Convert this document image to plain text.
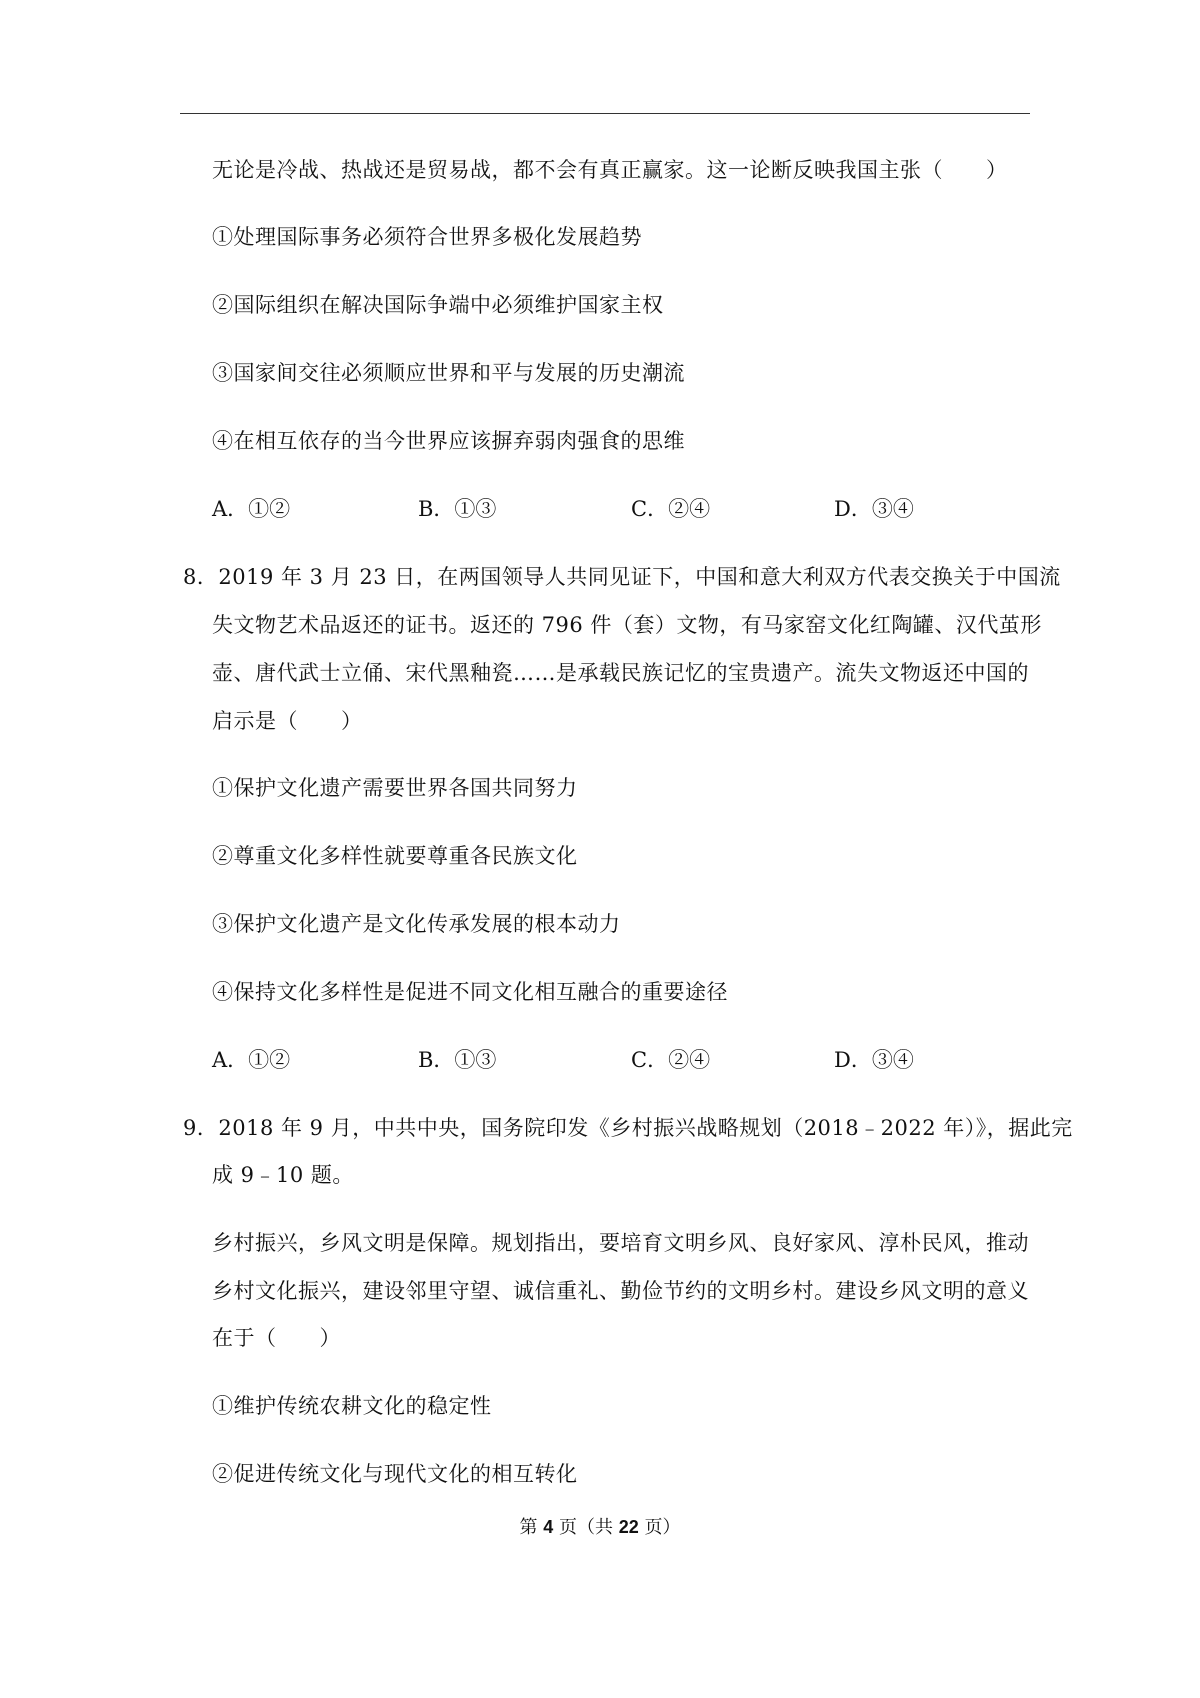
无论是冷战、热战还是贸易战，都不会有真正赢家。这一论断反映我国主张（　　）
①处理国际事务必须符合世界多极化发展趋势
②国际组织在解决国际争端中必须维护国家主权
③国家间交往必须顺应世界和平与发展的历史潮流
④在相互依存的当今世界应该摒弃弱肉强食的思维
A．①②	B．①③	C．②④	D．③④
8．2019 年 3 月 23 日，在两国领导人共同见证下，中国和意大利双方代表交换关于中国流
失文物艺术品返还的证书。返还的 796 件（套）文物，有马家窑文化红陶罐、汉代茧形
壶、唐代武士立俑、宋代黑釉瓷……是承载民族记忆的宝贵遗产。流失文物返还中国的
启示是（　　）
①保护文化遗产需要世界各国共同努力
②尊重文化多样性就要尊重各民族文化
③保护文化遗产是文化传承发展的根本动力
④保持文化多样性是促进不同文化相互融合的重要途径
A．①②	B．①③	C．②④	D．③④
9．2018 年 9 月，中共中央，国务院印发《乡村振兴战略规划（2018﹣2022 年）》，据此完
成 9﹣10 题。
乡村振兴，乡风文明是保障。规划指出，要培育文明乡风、良好家风、淳朴民风，推动
乡村文化振兴，建设邻里守望、诚信重礼、勤俭节约的文明乡村。建设乡风文明的意义
在于（　　）
①维护传统农耕文化的稳定性
②促进传统文化与现代文化的相互转化
第 4 页（共 22 页）
